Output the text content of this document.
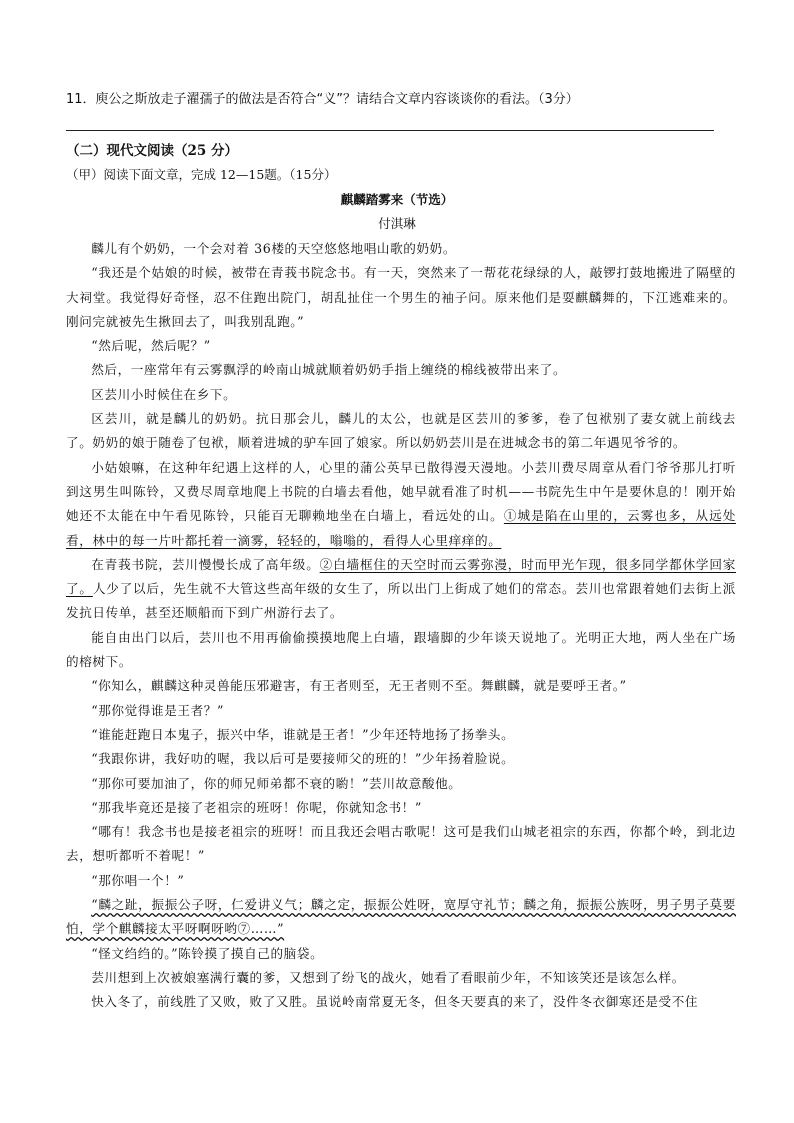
11．庾公之斯放走子濯孺子的做法是否符合“义”？请结合文章内容谈谈你的看法。（3分）

（二）现代文阅读（25 分）

（甲）阅读下面文章，完成 12—15题。（15分）

麒麟踏雾来（节选）

付淇琳

麟儿有个奶奶，一个会对着 36楼的天空悠悠地唱山歌的奶奶。

“我还是个姑娘的时候，被带在青莪书院念书。有一天，突然来了一帮花花绿绿的人，敲锣打鼓地搬进了隔壁的大祠堂。我觉得好奇怪，忍不住跑出院门，胡乱扯住一个男生的袖子问。原来他们是耍麒麟舞的，下江逃难来的。刚问完就被先生揪回去了，叫我别乱跑。”

“然后呢，然后呢？”

然后，一座常年有云雾飘浮的岭南山城就顺着奶奶手指上缠绕的棉线被带出来了。

区芸川小时候住在乡下。

区芸川，就是麟儿的奶奶。抗日那会儿，麟儿的太公，也就是区芸川的爹爹，卷了包袱别了妻女就上前线去了。奶奶的娘于随卷了包袱，顺着进城的驴车回了娘家。所以奶奶芸川是在进城念书的第二年遇见爷爷的。

小姑娘嘛，在这种年纪遇上这样的人，心里的蒲公英早已散得漫天漫地。小芸川费尽周章从看门爷爷那儿打听到这男生叫陈铃，又费尽周章地爬上书院的白墙去看他，她早就看准了时机——书院先生中午是要休息的！刚开始她还不太能在中午看见陈铃，只能百无聊赖地坐在白墙上，看远处的山。①城是陷在山里的，云雾也多，从远处看，林中的每一片叶都托着一滴雾，轻轻的，嗡嗡的，看得人心里痒痒的。

在青莪书院，芸川慢慢长成了高年级。②白墙框住的天空时而云雾弥漫，时而甲光乍现，很多同学都休学回家了。人少了以后，先生就不大管这些高年级的女生了，所以出门上街成了她们的常态。芸川也常跟着她们去街上派发抗日传单，甚至还顺船而下到广州游行去了。

能自由出门以后，芸川也不用再偷偷摸摸地爬上白墙，跟墙脚的少年谈天说地了。光明正大地，两人坐在广场的榕树下。

“你知么，麒麟这种灵兽能压邪避害，有王者则至，无王者则不至。舞麒麟，就是要呼王者。”

“那你觉得谁是王者？”

“谁能赶跑日本鬼子，振兴中华，谁就是王者！”少年还特地扬了扬拳头。

“我跟你讲，我好叻的喔，我以后可是要接师父的班的！”少年扬着脸说。

“那你可要加油了，你的师兄师弟都不衰的喲！”芸川故意酸他。

“那我毕竟还是接了老祖宗的班呀！你呢，你就知念书！”

“哪有！我念书也是接老祖宗的班呀！而且我还会唱古歌呢！这可是我们山城老祖宗的东西，你都个岭，到北边去，想听都听不着呢！”

“那你唱一个！”

“麟之趾，振振公子呀，仁爱讲义气；麟之定，振振公姓呀，宽厚守礼节；麟之角，振振公族呀，男子男子莫要怕，学个麒麟接太平呀啊呀哟⑦……”

“怪文绉绉的。”陈铃摸了摸自己的脑袋。

芸川想到上次被娘塞满行囊的爹，又想到了纷飞的战火，她看了看眼前少年，不知该笑还是该怎么样。

快入冬了，前线胜了又败，败了又胜。虽说岭南常夏无冬，但冬天要真的来了，没件冬衣御寒还是受不住
